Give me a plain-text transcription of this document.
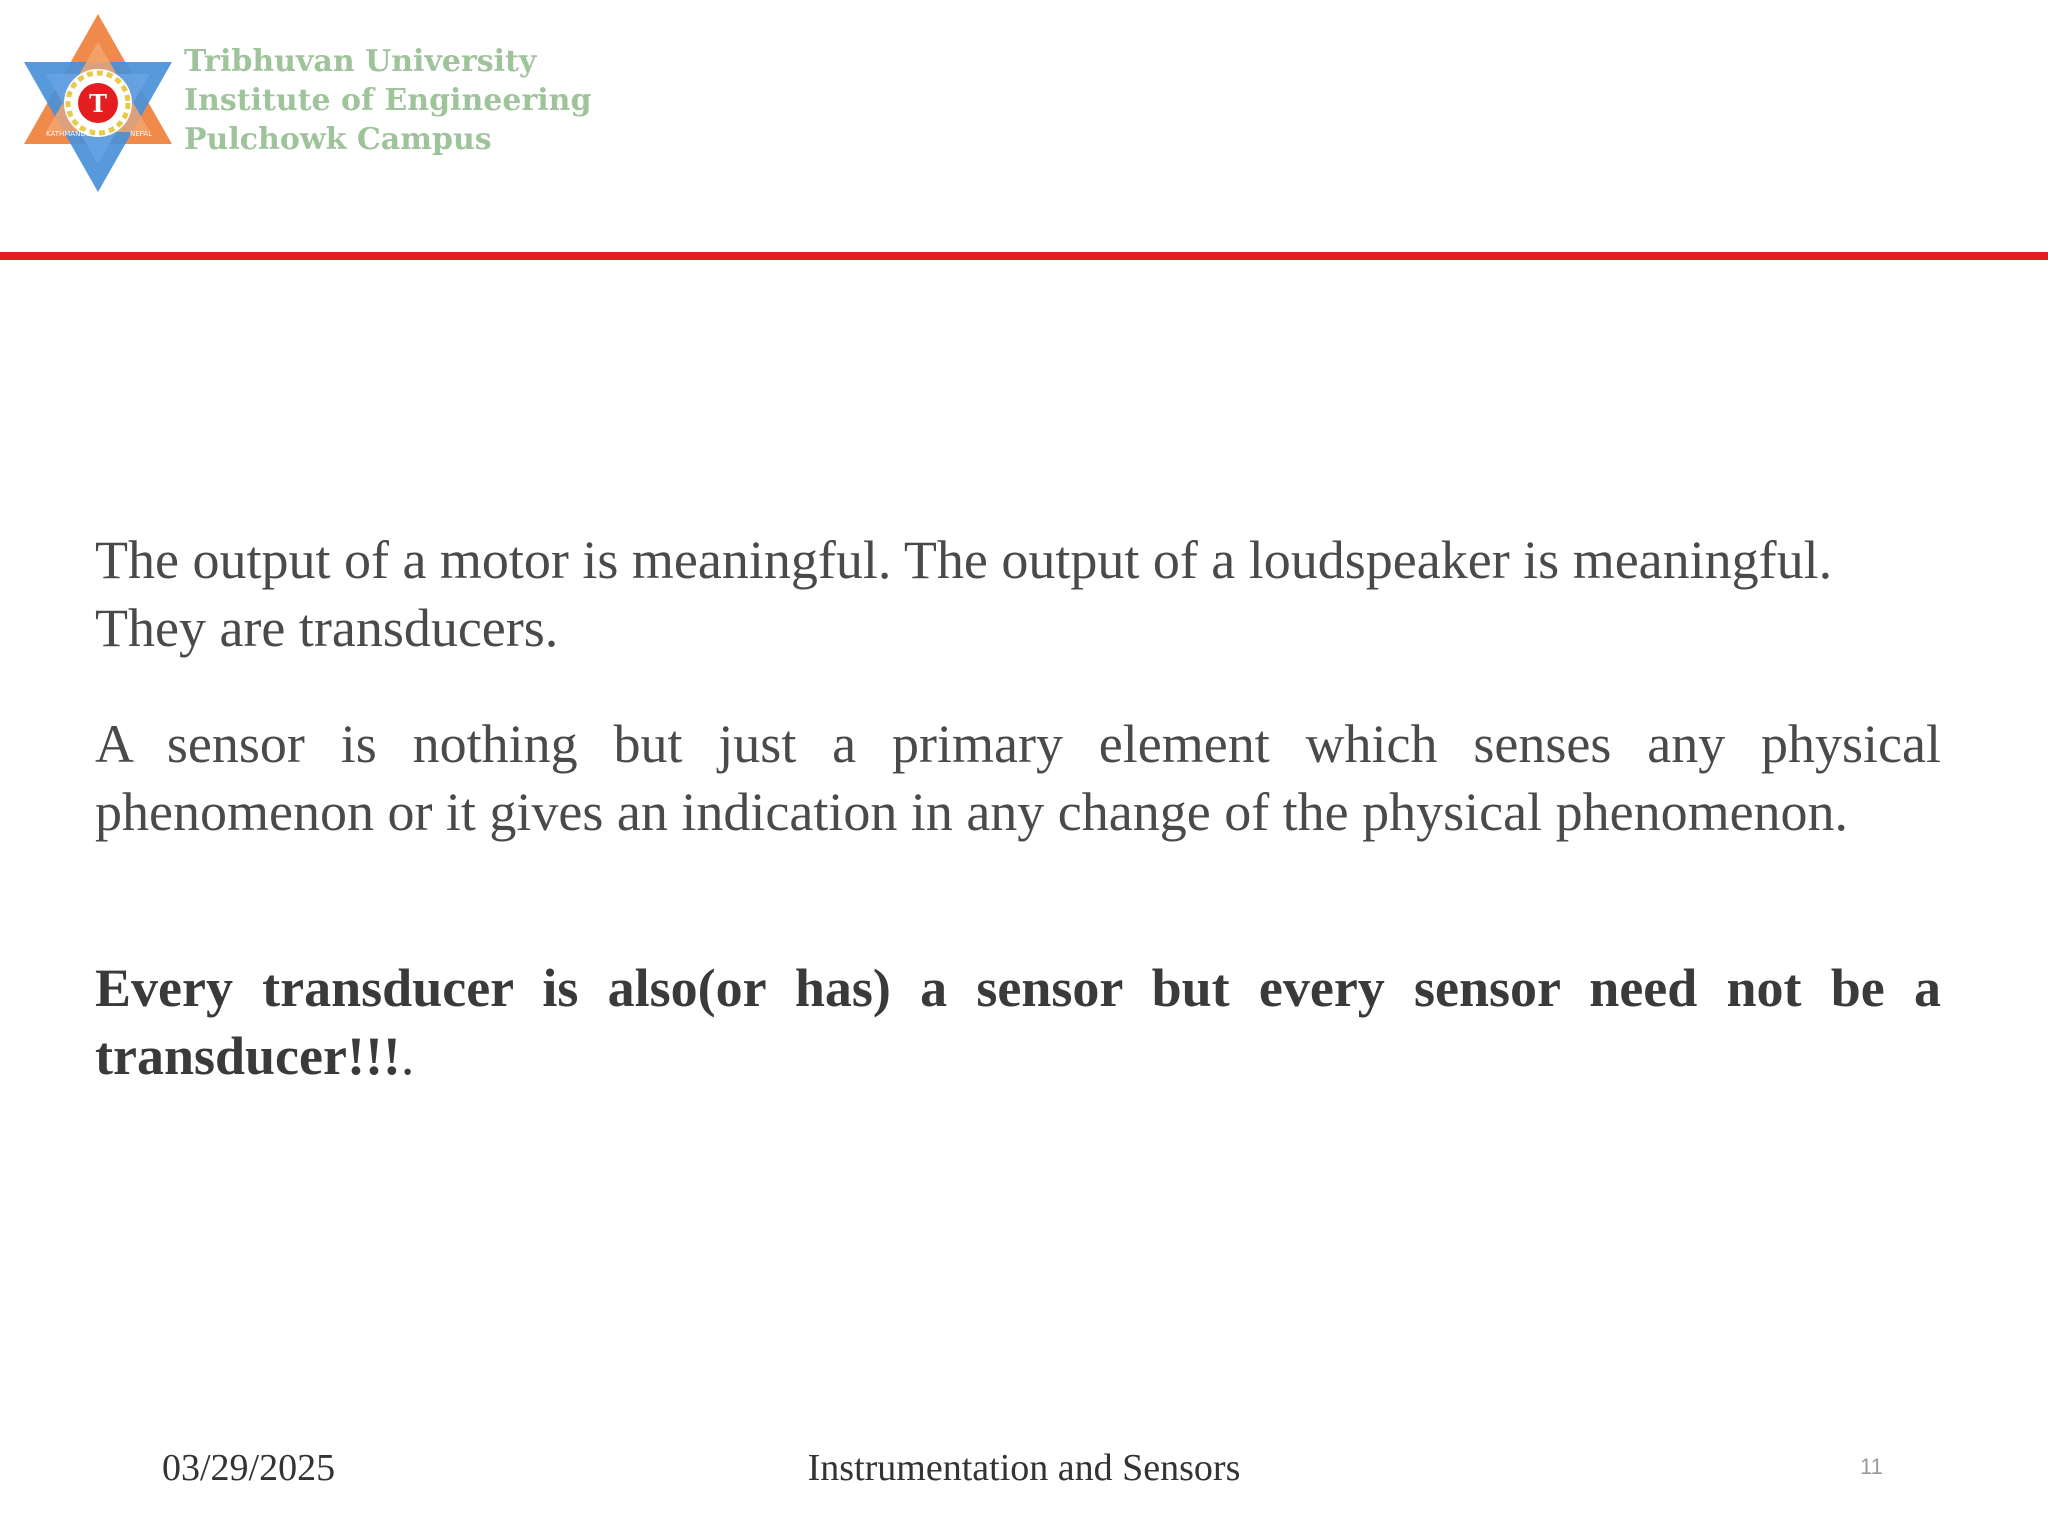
T
KATHMANDU	NEPAL
Tribhuvan University
Institute of Engineering
Pulchowk Campus

The output of a motor is meaningful. The output of a loudspeaker is meaningful. They are transducers.

A sensor is nothing but just a primary element which senses any physical phenomenon or it gives an indication in any change of the physical phenomenon.

Every transducer is also(or has) a sensor but every sensor need not be a transducer!!!.

03/29/2025	Instrumentation and Sensors	11
